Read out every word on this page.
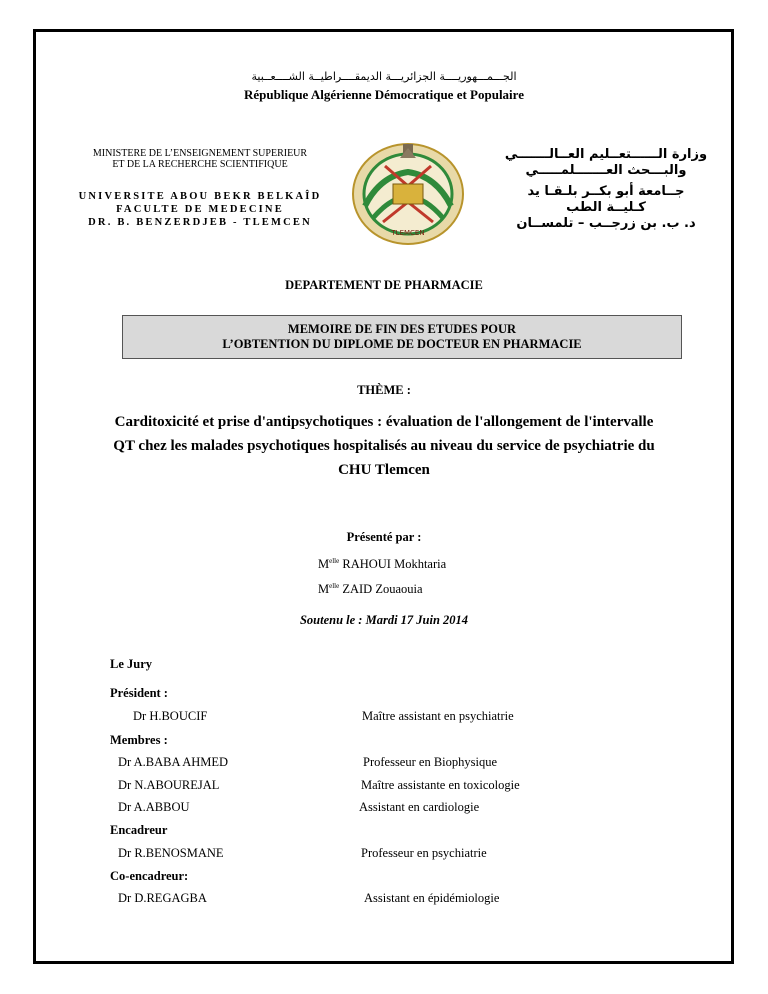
الجـــمـــهوريــــة الجزائريـــة الديمقــــراطيــة الشــــعــبية
République Algérienne Démocratique et Populaire
MINISTERE DE L’ENSEIGNEMENT SUPERIEUR
ET DE LA RECHERCHE SCIENTIFIQUE
UNIVERSITE ABOU BEKR BELKAÎD
FACULTE DE MEDECINE
DR. B. BENZERDJEB - TLEMCEN
TLEMCEN
وزارة الــــــتعــليم العــالـــــــي
والبـــحث العـــــــلمـــــي
جــامعة أبو بكــر بلـقـا يد
كـليــة الطب
د. ب. بن زرجــب – تلمســان
DEPARTEMENT DE PHARMACIE
MEMOIRE DE FIN DES ETUDES POUR
L’OBTENTION DU DIPLOME DE DOCTEUR EN PHARMACIE
THÈME :
Carditoxicité et prise d'antipsychotiques : évaluation de l'allongement de l'intervalle
QT chez les malades psychotiques hospitalisés au niveau du service de psychiatrie du
CHU Tlemcen
Présenté par :
$M^{elle}$ RAHOUI Mokhtaria
$M^{elle}$ ZAID Zouaouia
Soutenu le : Mardi 17 Juin 2014
Le Jury
Président :
Dr H.BOUCIF	Maître assistant en psychiatrie
Membres :
Dr A.BABA AHMED	Professeur en Biophysique
Dr N.ABOUREJAL	Maître assistante en toxicologie
Dr A.ABBOU	Assistant en cardiologie
Encadreur
Dr R.BENOSMANE	Professeur en psychiatrie
Co-encadreur:
Dr D.REGAGBA	Assistant en épidémiologie
